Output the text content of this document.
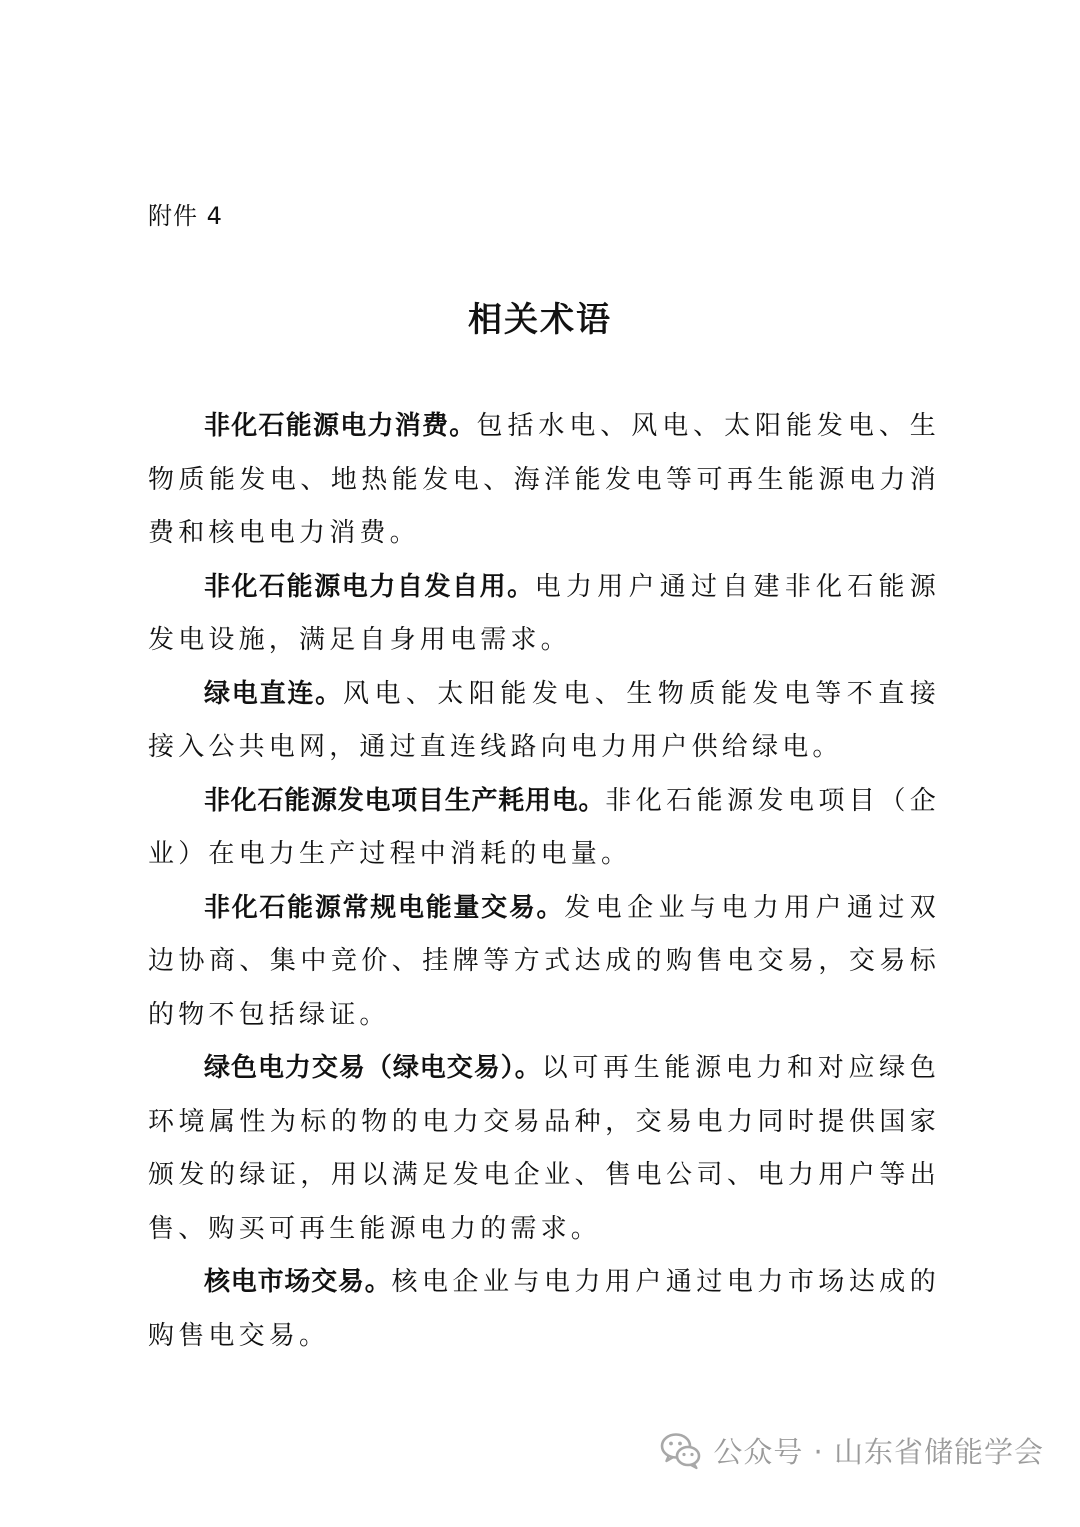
附件 4
相关术语

非化石能源电力消费。包括水电、风电、太阳能发电、生物质能发电、地热能发电、海洋能发电等可再生能源电力消费和核电电力消费。

非化石能源电力自发自用。电力用户通过自建非化石能源发电设施，满足自身用电需求。

绿电直连。风电、太阳能发电、生物质能发电等不直接接入公共电网，通过直连线路向电力用户供给绿电。

非化石能源发电项目生产耗用电。非化石能源发电项目（企业）在电力生产过程中消耗的电量。

非化石能源常规电能量交易。发电企业与电力用户通过双边协商、集中竞价、挂牌等方式达成的购售电交易，交易标的物不包括绿证。

绿色电力交易（绿电交易）。以可再生能源电力和对应绿色环境属性为标的物的电力交易品种，交易电力同时提供国家颁发的绿证，用以满足发电企业、售电公司、电力用户等出售、购买可再生能源电力的需求。

核电市场交易。核电企业与电力用户通过电力市场达成的购售电交易。

公众号 · 山东省储能学会
